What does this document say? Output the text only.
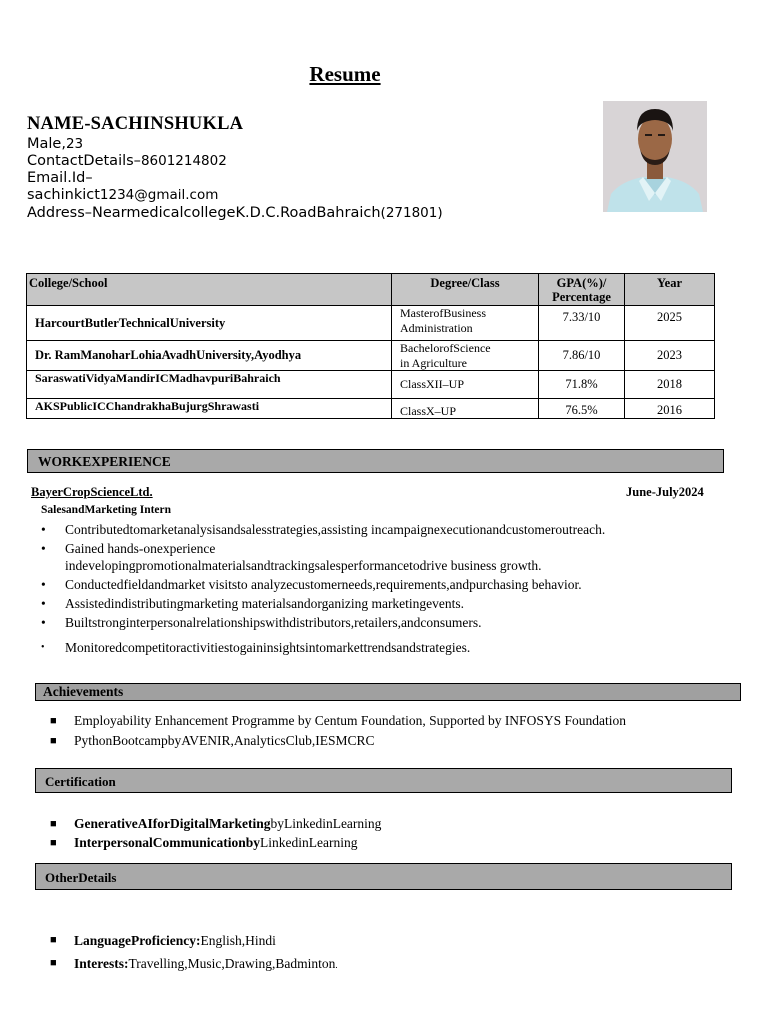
Resume
NAME-SACHINSHUKLA
Male,23
ContactDetails–8601214802
Email.Id–
sachinkict1234@gmail.com
Address–NearmedicalcollegeK.D.C.RoadBahraich(271801)
College/School	Degree/Class	GPA(%)/
Percentage	Year
HarcourtButlerTechnicalUniversity	MasterofBusiness
Administration	7.33/10	2025
Dr. RamManoharLohiaAvadhUniversity,Ayodhya	BachelorofScience
in Agriculture	7.86/10	2023
SaraswatiVidyaMandirICMadhavpuriBahraich	ClassXII–UP	71.8%	2018
AKSPublicICChandrakhaBujurgShrawasti	ClassX–UP	76.5%	2016
WORKEXPERIENCE
BayerCropScienceLtd.	June-July2024
SalesandMarketing Intern
• Contributedtomarketanalysisandsalesstrategies,assisting incampaignexecutionandcustomeroutreach.
• Gained hands-onexperience
indevelopingpromotionalmaterialsandtrackingsalesperformancetodrive business growth.
• Conductedfieldandmarket visitsto analyzecustomerneeds,requirements,andpurchasing behavior.
• Assistedindistributingmarketing materialsandorganizing marketingevents.
• Builtstronginterpersonalrelationshipswithdistributors,retailers,andconsumers.
• Monitoredcompetitoractivitiestogaininsightsintomarkettrendsandstrategies.
Achievements
■ Employability Enhancement Programme by Centum Foundation, Supported by INFOSYS Foundation
■ PythonBootcampbyAVENIR,AnalyticsClub,IESMCRC
Certification
■ GenerativeAIforDigitalMarketingbyLinkedinLearning
■ InterpersonalCommunicationbyLinkedinLearning
OtherDetails
■ LanguageProficiency:English,Hindi
■ Interests:Travelling,Music,Drawing,Badminton.
